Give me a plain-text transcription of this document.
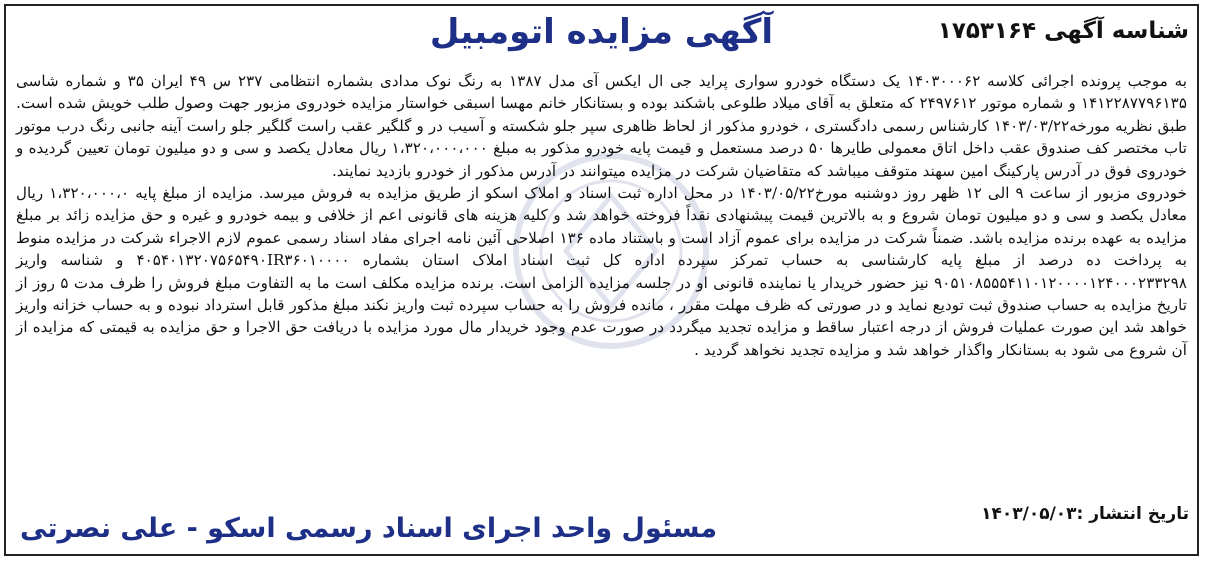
شناسه آگهی ۱۷۵۳۱۶۴
آگهی مزایده اتومبیل

به موجب پرونده اجرائی کلاسه ۱۴۰۳۰۰۰۶۲ یک دستگاه خودرو سواری پراید جی ال ایکس آی مدل ۱۳۸۷ به رنگ نوک مدادی بشماره انتظامی ۲۳۷ س ۴۹ ایران ۳۵ و شماره شاسی ۱۴۱۲۲۸۷۷۹۶۱۳۵ و شماره موتور ۲۴۹۷۶۱۲ که متعلق به آقای میلاد طلوعی باشکند بوده و بستانکار خانم مهسا اسبقی خواستار مزایده خودروی مزبور جهت وصول طلب خویش شده است. طبق نظریه مورخه۱۴۰۳/۰۳/۲۲ کارشناس رسمی دادگستری ، خودرو مذکور از لحاظ ظاهری سپر جلو شکسته و آسیب در و گلگیر عقب راست گلگیر جلو راست آینه جانبی رنگ درب موتور تاب مختصر کف صندوق عقب داخل اتاق معمولی طایرها ۵۰ درصد مستعمل و قیمت پایه خودرو مذکور به مبلغ ۱،۳۲۰،۰۰۰،۰۰۰ ریال معادل یکصد و سی و دو میلیون تومان تعیین گردیده و خودروی فوق در آدرس پارکینگ امین سهند متوقف میباشد که متقاضیان شرکت در مزایده میتوانند در آدرس مذکور از خودرو بازدید نمایند.

خودروی مزبور از ساعت ۹ الی ۱۲ ظهر روز دوشنبه مورخ۱۴۰۳/۰۵/۲۲ در محل اداره ثبت اسناد و املاک اسکو از طریق مزایده به فروش میرسد. مزایده از مبلغ پایه ۱،۳۲۰،۰۰۰،۰ ریال معادل یکصد و سی و دو میلیون تومان شروع و به بالاترین قیمت پیشنهادی نقداً فروخته خواهد شد و کلیه هزینه های قانونی اعم از خلافی و بیمه خودرو و غیره و حق مزایده زائد بر مبلغ مزایده به عهده برنده مزایده باشد. ضمناً شرکت در مزایده برای عموم آزاد است و باستناد ماده ۱۳۶ اصلاحی آئین نامه اجرای مفاد اسناد رسمی عموم لازم الاجراء شرکت در مزایده منوط به پرداخت ده درصد از مبلغ پایه کارشناسی به حساب تمرکز سپرده اداره کل ثبت اسناد املاک استان بشماره ۴۰۵۴۰۱۳۲۰۷۵۶۵۴۹۰IR۳۶۰۱۰۰۰۰ و شناسه واریز ۹۰۵۱۰۸۵۵۵۴۱۱۰۱۲۰۰۰۰۱۲۴۰۰۰۲۳۳۲۹۸ نیز حضور خریدار یا نماینده قانونی او در جلسه مزایده الزامی است. برنده مزایده مکلف است ما به التفاوت مبلغ فروش را ظرف مدت ۵ روز از تاریخ مزایده به حساب صندوق ثبت تودیع نماید و در صورتی که ظرف مهلت مقرر ، مانده فروش را به حساب سپرده ثبت واریز نکند مبلغ مذکور قابل استرداد نبوده و به حساب خزانه واریز خواهد شد این صورت عملیات فروش از درجه اعتبار ساقط و مزایده تجدید میگردد در صورت عدم وجود خریدار مال مورد مزایده با دریافت حق الاجرا و حق مزایده به قیمتی که مزایده از آن شروع می شود به بستانکار واگذار خواهد شد و مزایده تجدید نخواهد گردید .

تاریخ انتشار :۱۴۰۳/۰۵/۰۳
مسئول واحد اجرای اسناد رسمی اسکو - علی نصرتی
